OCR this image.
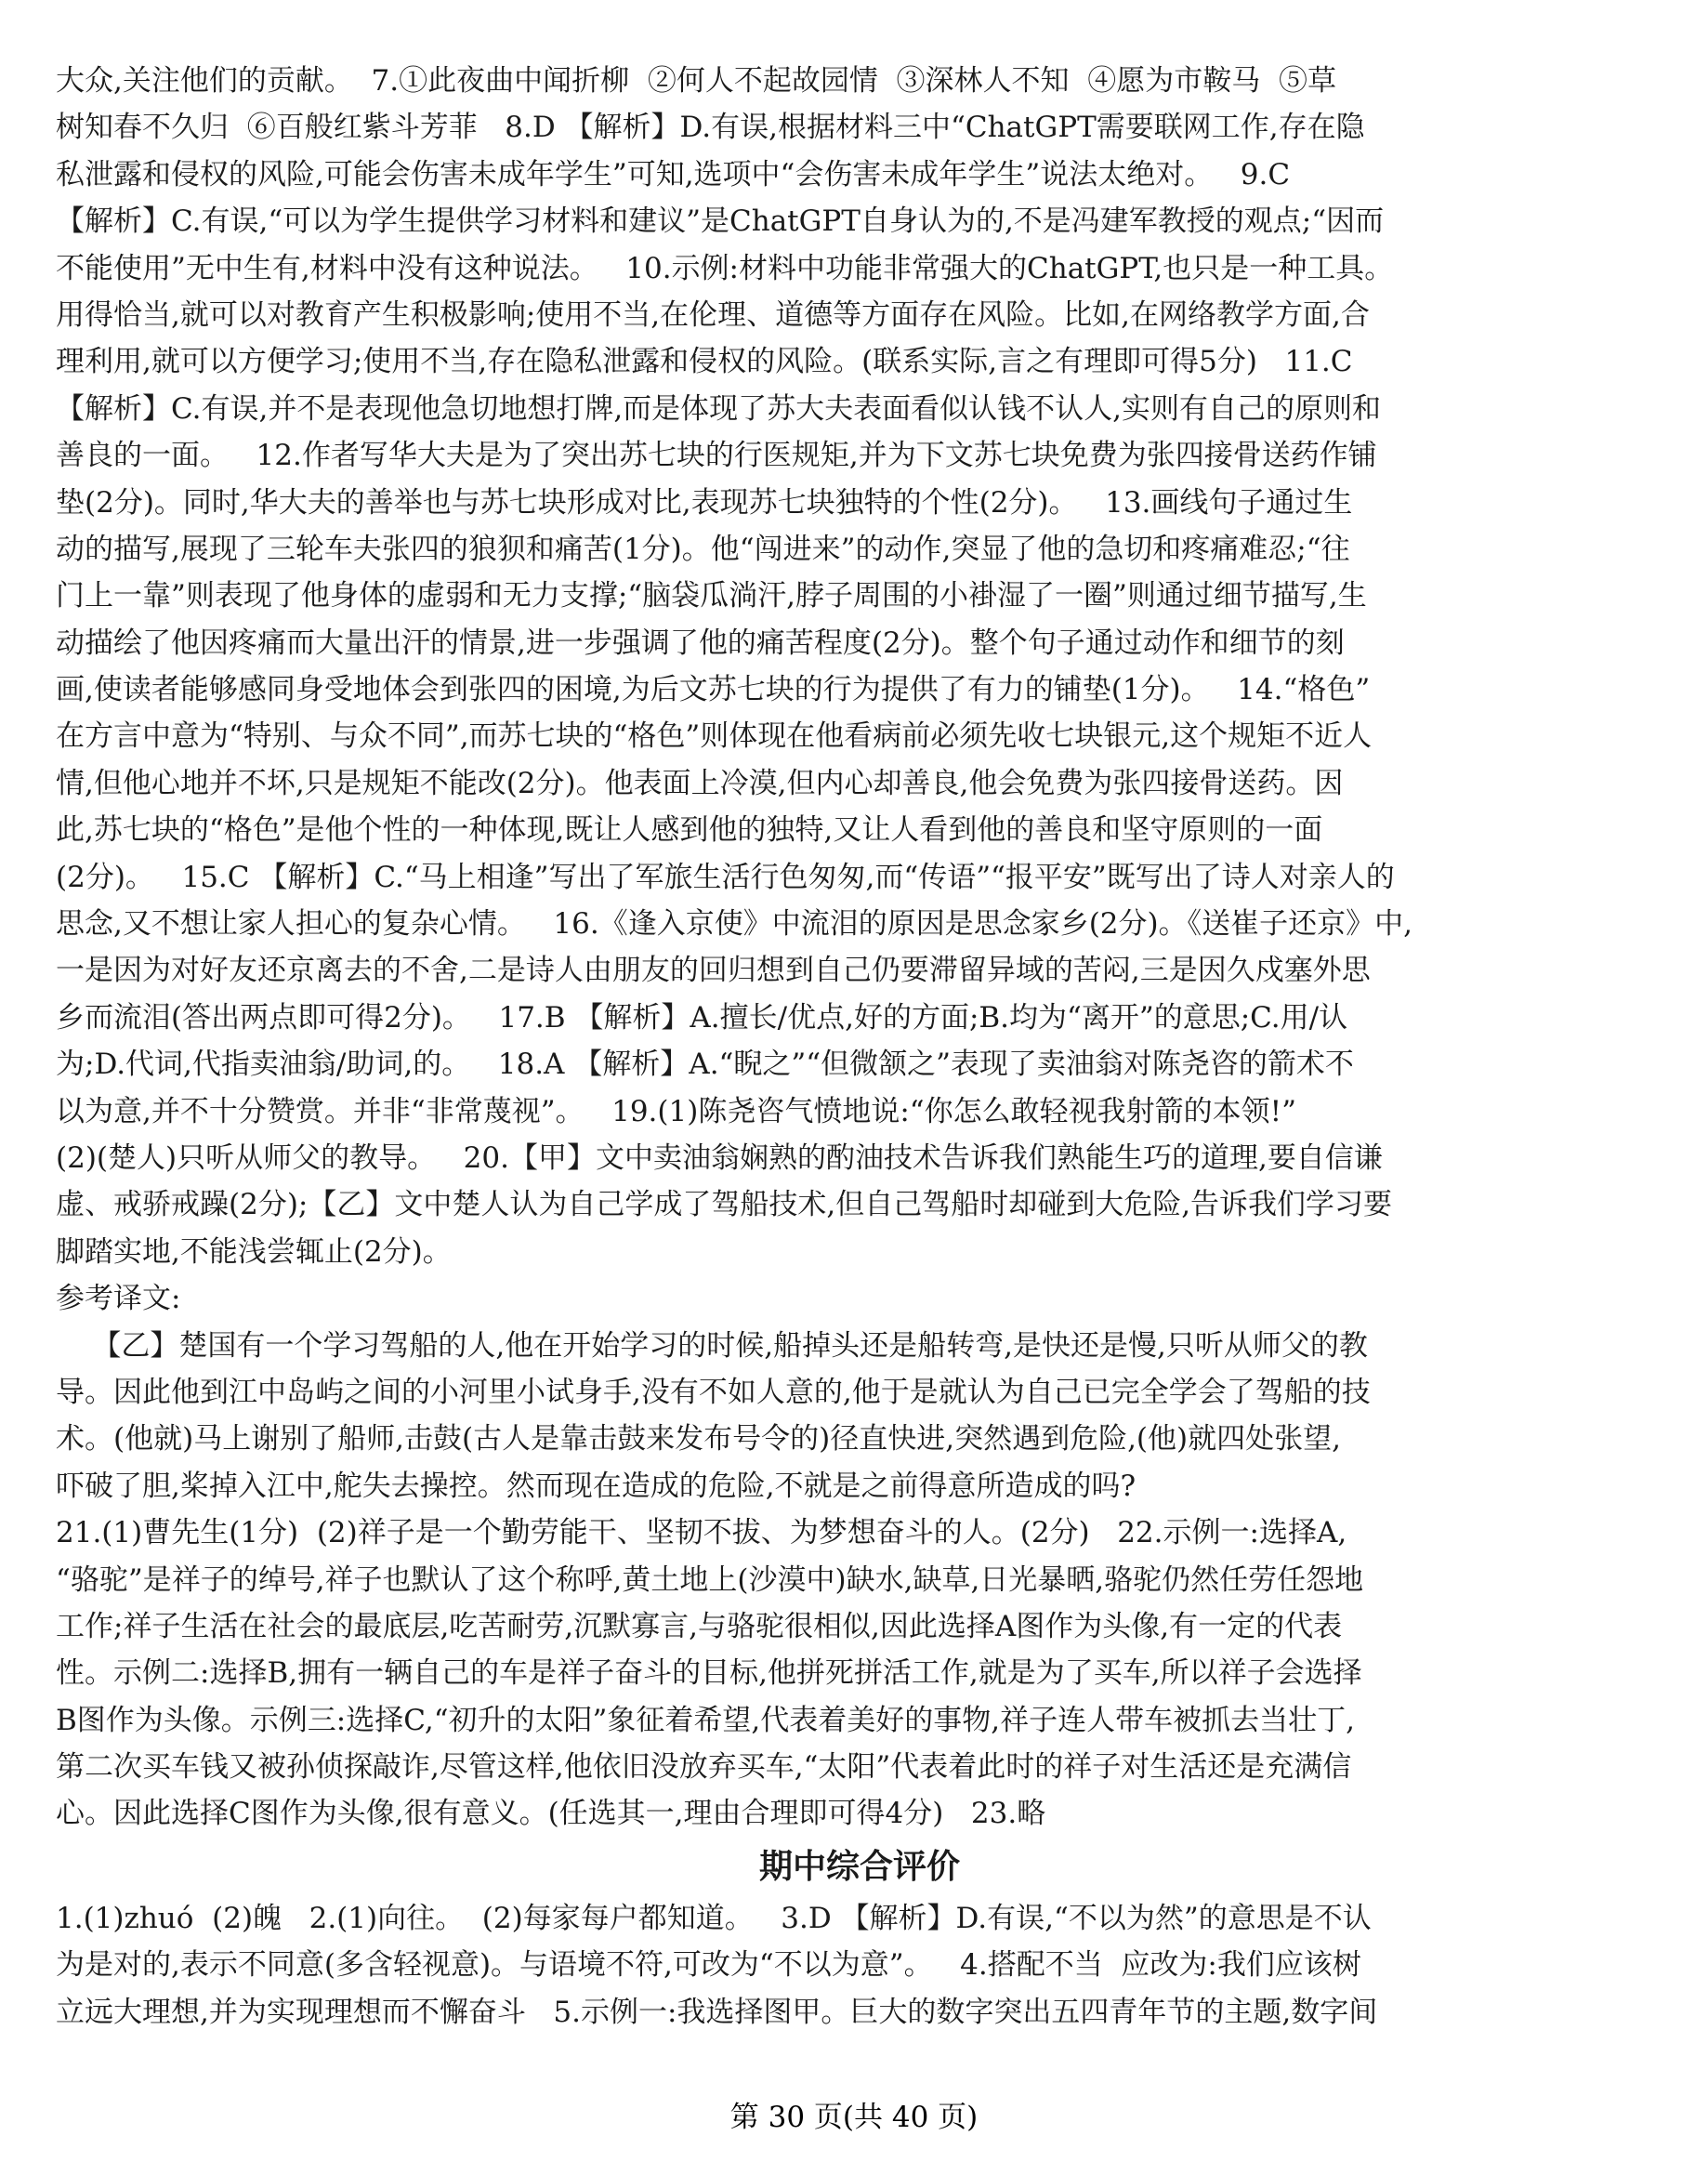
大众,关注他们的贡献。  7.①此夜曲中闻折柳  ②何人不起故园情  ③深林人不知  ④愿为市鞍马  ⑤草
树知春不久归  ⑥百般红紫斗芳菲   8.D 【解析】D.有误,根据材料三中“ChatGPT需要联网工作,存在隐
私泄露和侵权的风险,可能会伤害未成年学生”可知,选项中“会伤害未成年学生”说法太绝对。   9.C
【解析】C.有误,“可以为学生提供学习材料和建议”是ChatGPT自身认为的,不是冯建军教授的观点;“因而
不能使用”无中生有,材料中没有这种说法。   10.示例:材料中功能非常强大的ChatGPT,也只是一种工具。
用得恰当,就可以对教育产生积极影响;使用不当,在伦理、道德等方面存在风险。比如,在网络教学方面,合
理利用,就可以方便学习;使用不当,存在隐私泄露和侵权的风险。(联系实际,言之有理即可得5分)   11.C
【解析】C.有误,并不是表现他急切地想打牌,而是体现了苏大夫表面看似认钱不认人,实则有自己的原则和
善良的一面。   12.作者写华大夫是为了突出苏七块的行医规矩,并为下文苏七块免费为张四接骨送药作铺
垫(2分)。同时,华大夫的善举也与苏七块形成对比,表现苏七块独特的个性(2分)。   13.画线句子通过生
动的描写,展现了三轮车夫张四的狼狈和痛苦(1分)。他“闯进来”的动作,突显了他的急切和疼痛难忍;“往
门上一靠”则表现了他身体的虚弱和无力支撑;“脑袋瓜淌汗,脖子周围的小褂湿了一圈”则通过细节描写,生
动描绘了他因疼痛而大量出汗的情景,进一步强调了他的痛苦程度(2分)。整个句子通过动作和细节的刻
画,使读者能够感同身受地体会到张四的困境,为后文苏七块的行为提供了有力的铺垫(1分)。   14.“格色”
在方言中意为“特别、与众不同”,而苏七块的“格色”则体现在他看病前必须先收七块银元,这个规矩不近人
情,但他心地并不坏,只是规矩不能改(2分)。他表面上冷漠,但内心却善良,他会免费为张四接骨送药。因
此,苏七块的“格色”是他个性的一种体现,既让人感到他的独特,又让人看到他的善良和坚守原则的一面
(2分)。   15.C 【解析】C.“马上相逢”写出了军旅生活行色匆匆,而“传语”“报平安”既写出了诗人对亲人的
思念,又不想让家人担心的复杂心情。   16.《逢入京使》中流泪的原因是思念家乡(2分)。《送崔子还京》中,
一是因为对好友还京离去的不舍,二是诗人由朋友的回归想到自己仍要滞留异域的苦闷,三是因久戍塞外思
乡而流泪(答出两点即可得2分)。   17.B 【解析】A.擅长/优点,好的方面;B.均为“离开”的意思;C.用/认
为;D.代词,代指卖油翁/助词,的。   18.A 【解析】A.“睨之”“但微颔之”表现了卖油翁对陈尧咨的箭术不
以为意,并不十分赞赏。并非“非常蔑视”。   19.(1)陈尧咨气愤地说:“你怎么敢轻视我射箭的本领!”
(2)(楚人)只听从师父的教导。   20.【甲】文中卖油翁娴熟的酌油技术告诉我们熟能生巧的道理,要自信谦
虚、戒骄戒躁(2分);【乙】文中楚人认为自己学成了驾船技术,但自己驾船时却碰到大危险,告诉我们学习要
脚踏实地,不能浅尝辄止(2分)。
参考译文:
【乙】楚国有一个学习驾船的人,他在开始学习的时候,船掉头还是船转弯,是快还是慢,只听从师父的教
导。因此他到江中岛屿之间的小河里小试身手,没有不如人意的,他于是就认为自己已完全学会了驾船的技
术。(他就)马上谢别了船师,击鼓(古人是靠击鼓来发布号令的)径直快进,突然遇到危险,(他)就四处张望,
吓破了胆,桨掉入江中,舵失去操控。然而现在造成的危险,不就是之前得意所造成的吗?
21.(1)曹先生(1分)  (2)祥子是一个勤劳能干、坚韧不拔、为梦想奋斗的人。(2分)   22.示例一:选择A,
“骆驼”是祥子的绰号,祥子也默认了这个称呼,黄土地上(沙漠中)缺水,缺草,日光暴晒,骆驼仍然任劳任怨地
工作;祥子生活在社会的最底层,吃苦耐劳,沉默寡言,与骆驼很相似,因此选择A图作为头像,有一定的代表
性。示例二:选择B,拥有一辆自己的车是祥子奋斗的目标,他拼死拼活工作,就是为了买车,所以祥子会选择
B图作为头像。示例三:选择C,“初升的太阳”象征着希望,代表着美好的事物,祥子连人带车被抓去当壮丁,
第二次买车钱又被孙侦探敲诈,尽管这样,他依旧没放弃买车,“太阳”代表着此时的祥子对生活还是充满信
心。因此选择C图作为头像,很有意义。(任选其一,理由合理即可得4分)   23.略
期中综合评价
1.(1)zhuó  (2)魄   2.(1)向往。  (2)每家每户都知道。   3.D 【解析】D.有误,“不以为然”的意思是不认
为是对的,表示不同意(多含轻视意)。与语境不符,可改为“不以为意”。   4.搭配不当  应改为:我们应该树
立远大理想,并为实现理想而不懈奋斗   5.示例一:我选择图甲。巨大的数字突出五四青年节的主题,数字间
第 30 页(共 40 页)
